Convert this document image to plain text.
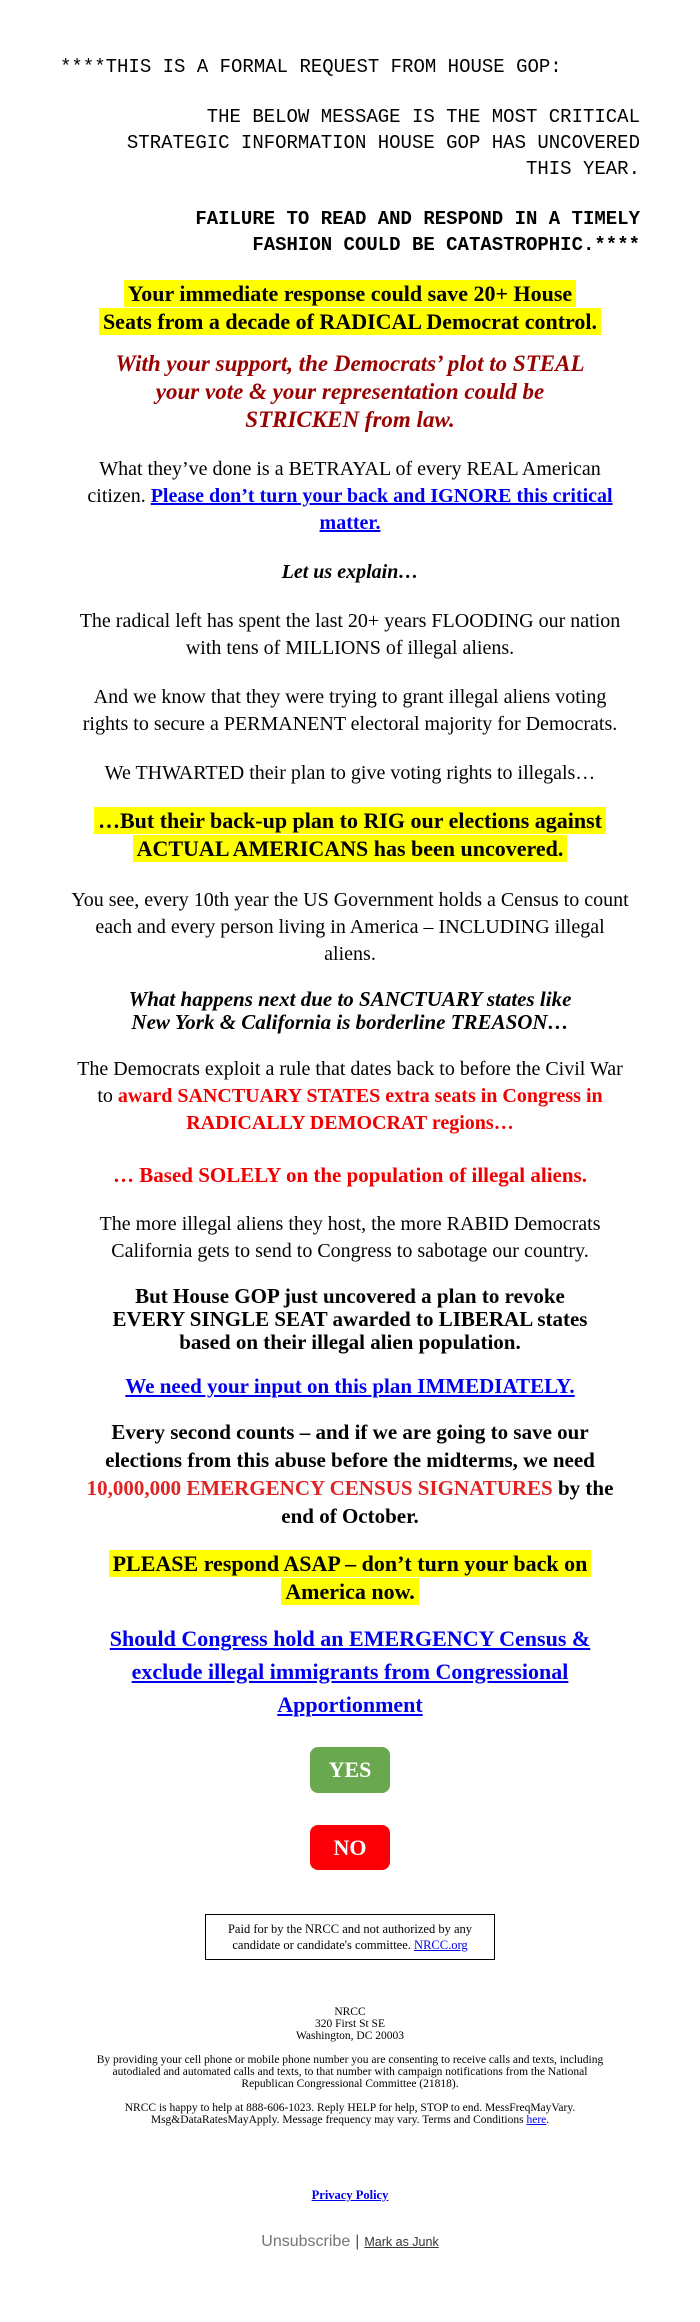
****THIS IS A FORMAL REQUEST FROM HOUSE GOP:

THE BELOW MESSAGE IS THE MOST CRITICAL
STRATEGIC INFORMATION HOUSE GOP HAS UNCOVERED
THIS YEAR.
FAILURE TO READ AND RESPOND IN A TIMELY
FASHION COULD BE CATASTROPHIC.****
Your immediate response could save 20+ House
Seats from a decade of RADICAL Democrat control.

With your support, the Democrats’ plot to STEAL your vote & your representation could be STRICKEN from law.

What they’ve done is a BETRAYAL of every REAL American citizen. Please don’t turn your back and IGNORE this critical matter.

Let us explain…

The radical left has spent the last 20+ years FLOODING our nation with tens of MILLIONS of illegal aliens.

And we know that they were trying to grant illegal aliens voting rights to secure a PERMANENT electoral majority for Democrats.

We THWARTED their plan to give voting rights to illegals…

…But their back-up plan to RIG our elections against
ACTUAL AMERICANS has been uncovered.

You see, every 10th year the US Government holds a Census to count each and every person living in America – INCLUDING illegal aliens.

What happens next due to SANCTUARY states like
New York & California is borderline TREASON…

The Democrats exploit a rule that dates back to before the Civil War to award SANCTUARY STATES extra seats in Congress in RADICALLY DEMOCRAT regions…

… Based SOLELY on the population of illegal aliens.

The more illegal aliens they host, the more RABID Democrats California gets to send to Congress to sabotage our country.

But House GOP just uncovered a plan to revoke
EVERY SINGLE SEAT awarded to LIBERAL states
based on their illegal alien population.

We need your input on this plan IMMEDIATELY.

Every second counts – and if we are going to save our elections from this abuse before the midterms, we need 10,000,000 EMERGENCY CENSUS SIGNATURES by the end of October.

PLEASE respond ASAP – don’t turn your back on
America now.
Should Congress hold an EMERGENCY Census &
exclude illegal immigrants from Congressional
Apportionment
YES
NO
Paid for by the NRCC and not authorized by any candidate or candidate's committee. NRCC.org
NRCC
320 First St SE
Washington, DC 20003
By providing your cell phone or mobile phone number you are consenting to receive calls and texts, including
autodialed and automated calls and texts, to that number with campaign notifications from the National
Republican Congressional Committee (21818).
NRCC is happy to help at 888-606-1023. Reply HELP for help, STOP to end. MessFreqMayVary.
Msg&DataRatesMayApply. Message frequency may vary. Terms and Conditions here.
Privacy Policy
Unsubscribe | Mark as Junk
